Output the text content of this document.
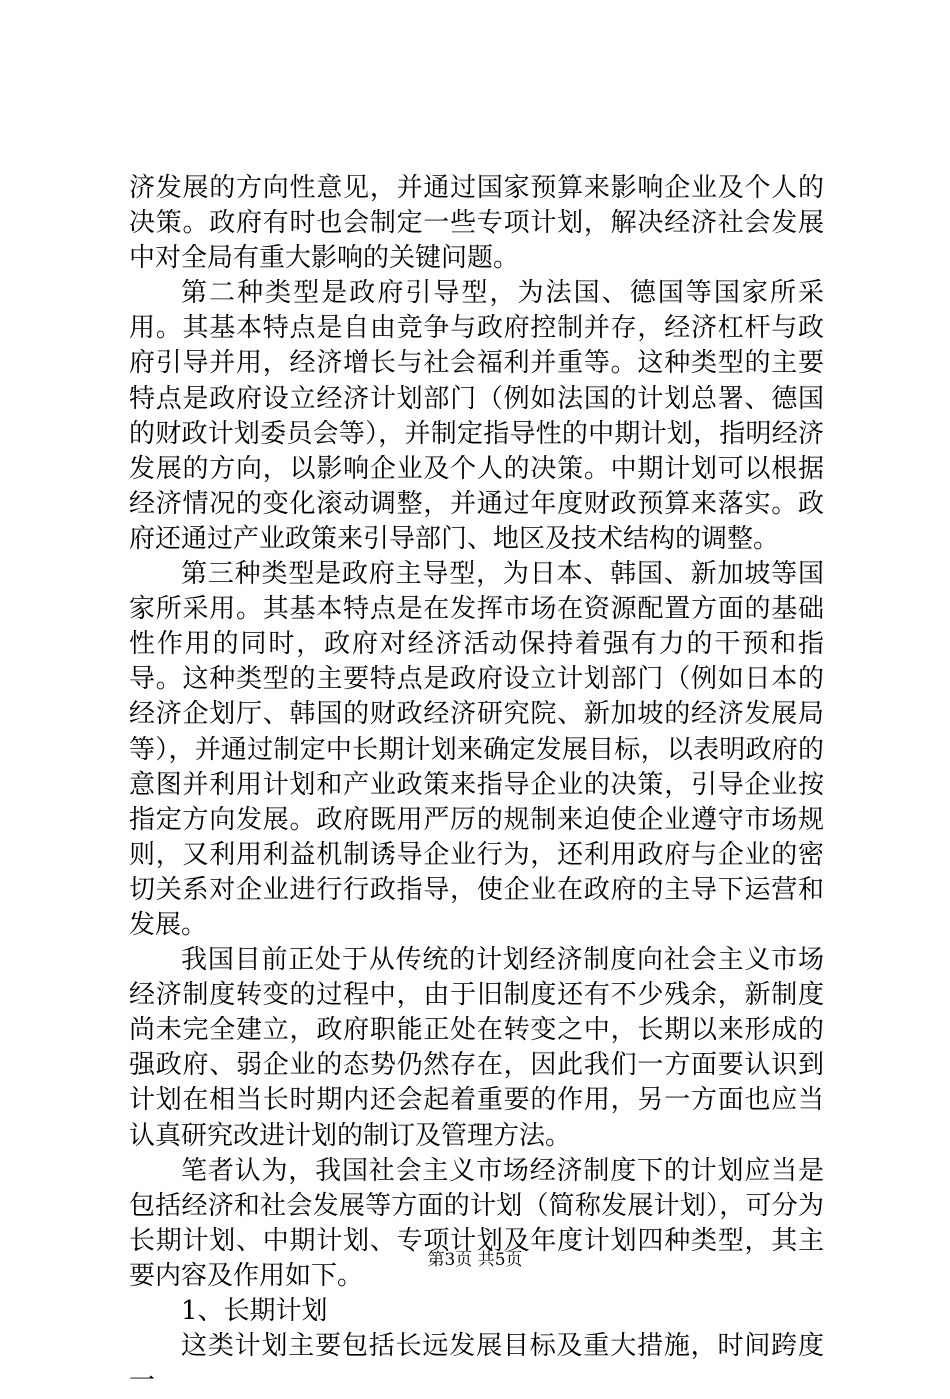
济发展的方向性意见，并通过国家预算来影响企业及个人的决策。政府有时也会制定一些专项计划，解决经济社会发展中对全局有重大影响的关键问题。

第二种类型是政府引导型，为法国、德国等国家所采用。其基本特点是自由竞争与政府控制并存，经济杠杆与政府引导并用，经济增长与社会福利并重等。这种类型的主要特点是政府设立经济计划部门（例如法国的计划总署、德国的财政计划委员会等），并制定指导性的中期计划，指明经济发展的方向，以影响企业及个人的决策。中期计划可以根据经济情况的变化滚动调整，并通过年度财政预算来落实。政府还通过产业政策来引导部门、地区及技术结构的调整。

第三种类型是政府主导型，为日本、韩国、新加坡等国家所采用。其基本特点是在发挥市场在资源配置方面的基础性作用的同时，政府对经济活动保持着强有力的干预和指导。这种类型的主要特点是政府设立计划部门（例如日本的经济企划厅、韩国的财政经济研究院、新加坡的经济发展局等），并通过制定中长期计划来确定发展目标，以表明政府的意图并利用计划和产业政策来指导企业的决策，引导企业按指定方向发展。政府既用严厉的规制来迫使企业遵守市场规则，又利用利益机制诱导企业行为，还利用政府与企业的密切关系对企业进行行政指导，使企业在政府的主导下运营和发展。

我国目前正处于从传统的计划经济制度向社会主义市场经济制度转变的过程中，由于旧制度还有不少残余，新制度尚未完全建立，政府职能正处在转变之中，长期以来形成的强政府、弱企业的态势仍然存在，因此我们一方面要认识到计划在相当长时期内还会起着重要的作用，另一方面也应当认真研究改进计划的制订及管理方法。

笔者认为，我国社会主义市场经济制度下的计划应当是包括经济和社会发展等方面的计划（简称发展计划），可分为长期计划、中期计划、专项计划及年度计划四种类型，其主要内容及作用如下。

1、长期计划

这类计划主要包括长远发展目标及重大措施，时间跨度一

第3页 共5页
